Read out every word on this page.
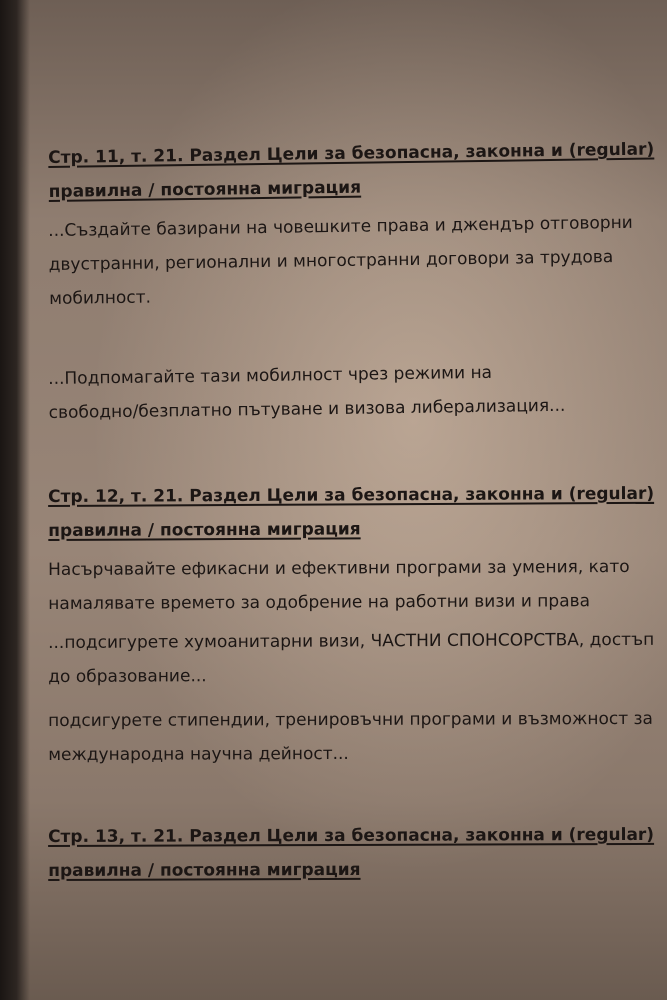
Стр. 11, т. 21. Раздел Цели за безопасна, законна и (regular)
правилна / постоянна миграция
...Създайте базирани на човешките права и джендър отговорни
двустранни, регионални и многостранни договори за трудова
мобилност.
...Подпомагайте тази мобилност чрез режими на
свободно/безплатно пътуване и визова либерализация...
Стр. 12, т. 21. Раздел Цели за безопасна, законна и (regular)
правилна / постоянна миграция
Насърчавайте ефикасни и ефективни програми за умения, като
намалявате времето за одобрение на работни визи и права
...подсигурете хумоанитарни визи, ЧАСТНИ СПОНСОРСТВА, достъп
до образование...
подсигурете стипендии, тренировъчни програми и възможност за
международна научна дейност...
Стр. 13, т. 21. Раздел Цели за безопасна, законна и (regular)
правилна / постоянна миграция
